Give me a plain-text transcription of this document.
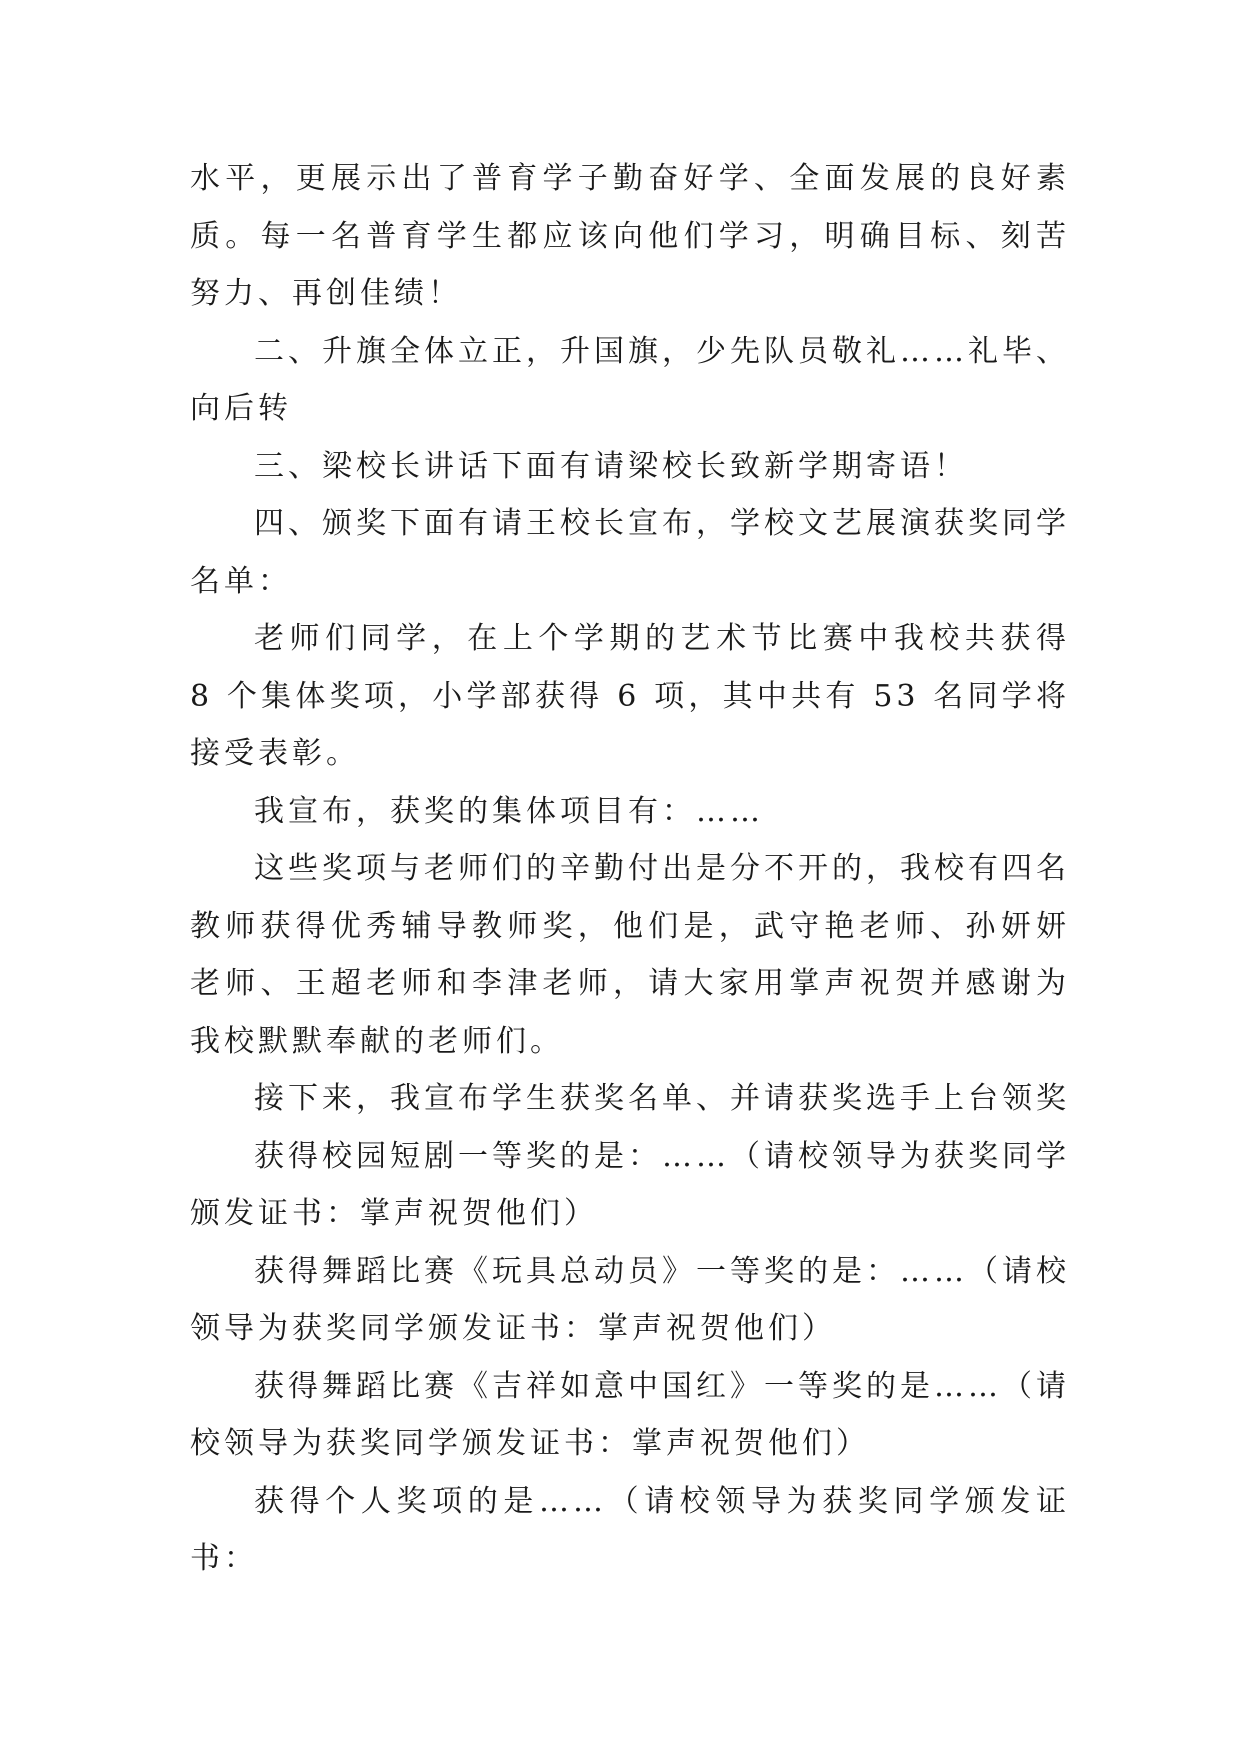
水平，更展示出了普育学子勤奋好学、全面发展的良好素质。每一名普育学生都应该向他们学习，明确目标、刻苦努力、再创佳绩！

二、升旗全体立正，升国旗，少先队员敬礼……礼毕、向后转

三、梁校长讲话下面有请梁校长致新学期寄语！

四、颁奖下面有请王校长宣布，学校文艺展演获奖同学名单：

老师们同学，在上个学期的艺术节比赛中我校共获得 8 个集体奖项，小学部获得 6 项，其中共有 53 名同学将接受表彰。

我宣布，获奖的集体项目有：……

这些奖项与老师们的辛勤付出是分不开的，我校有四名教师获得优秀辅导教师奖，他们是，武守艳老师、孙妍妍老师、王超老师和李津老师，请大家用掌声祝贺并感谢为我校默默奉献的老师们。

接下来，我宣布学生获奖名单、并请获奖选手上台领奖

获得校园短剧一等奖的是：……（请校领导为获奖同学颁发证书：掌声祝贺他们）

获得舞蹈比赛《玩具总动员》一等奖的是：……（请校领导为获奖同学颁发证书：掌声祝贺他们）

获得舞蹈比赛《吉祥如意中国红》一等奖的是……（请校领导为获奖同学颁发证书：掌声祝贺他们）

获得个人奖项的是……（请校领导为获奖同学颁发证书：
